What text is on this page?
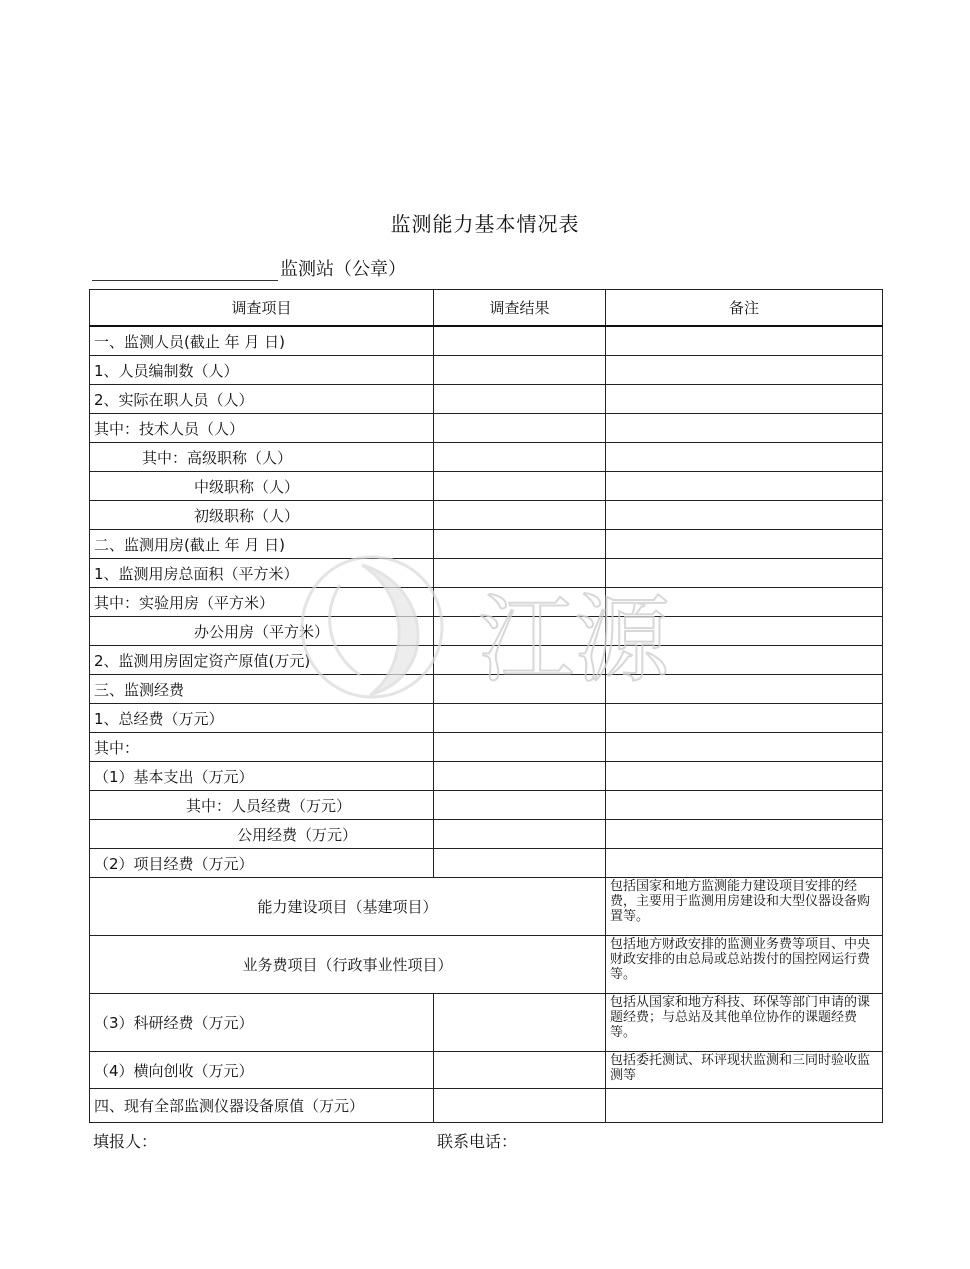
监测能力基本情况表
监测站（公章）
调查项目	调查结果	备注
一、监测人员(截止 年 月 日)		
1、人员编制数（人）		
2、实际在职人员（人）		
其中：技术人员（人）		
其中：高级职称（人）		
中级职称（人）		
初级职称（人）		
二、监测用房(截止 年 月 日)		
1、监测用房总面积（平方米）		
其中：实验用房（平方米）		
办公用房（平方米）		
2、监测用房固定资产原值(万元)		
三、监测经费		
1、总经费（万元）		
其中：		
（1）基本支出（万元）		
其中：人员经费（万元）		
公用经费（万元）		
（2）项目经费（万元）		
能力建设项目（基建项目）		包括国家和地方监测能力建设项目安排的经费，主要用于监测用房建设和大型仪器设备购置等。
业务费项目（行政事业性项目）		包括地方财政安排的监测业务费等项目、中央财政安排的由总局或总站拨付的国控网运行费等。
（3）科研经费（万元）		包括从国家和地方科技、环保等部门申请的课题经费；与总站及其他单位协作的课题经费等。
（4）横向创收（万元）		包括委托测试、环评现状监测和三同时验收监测等
四、现有全部监测仪器设备原值（万元）		
填报人：	联系电话：
江源
